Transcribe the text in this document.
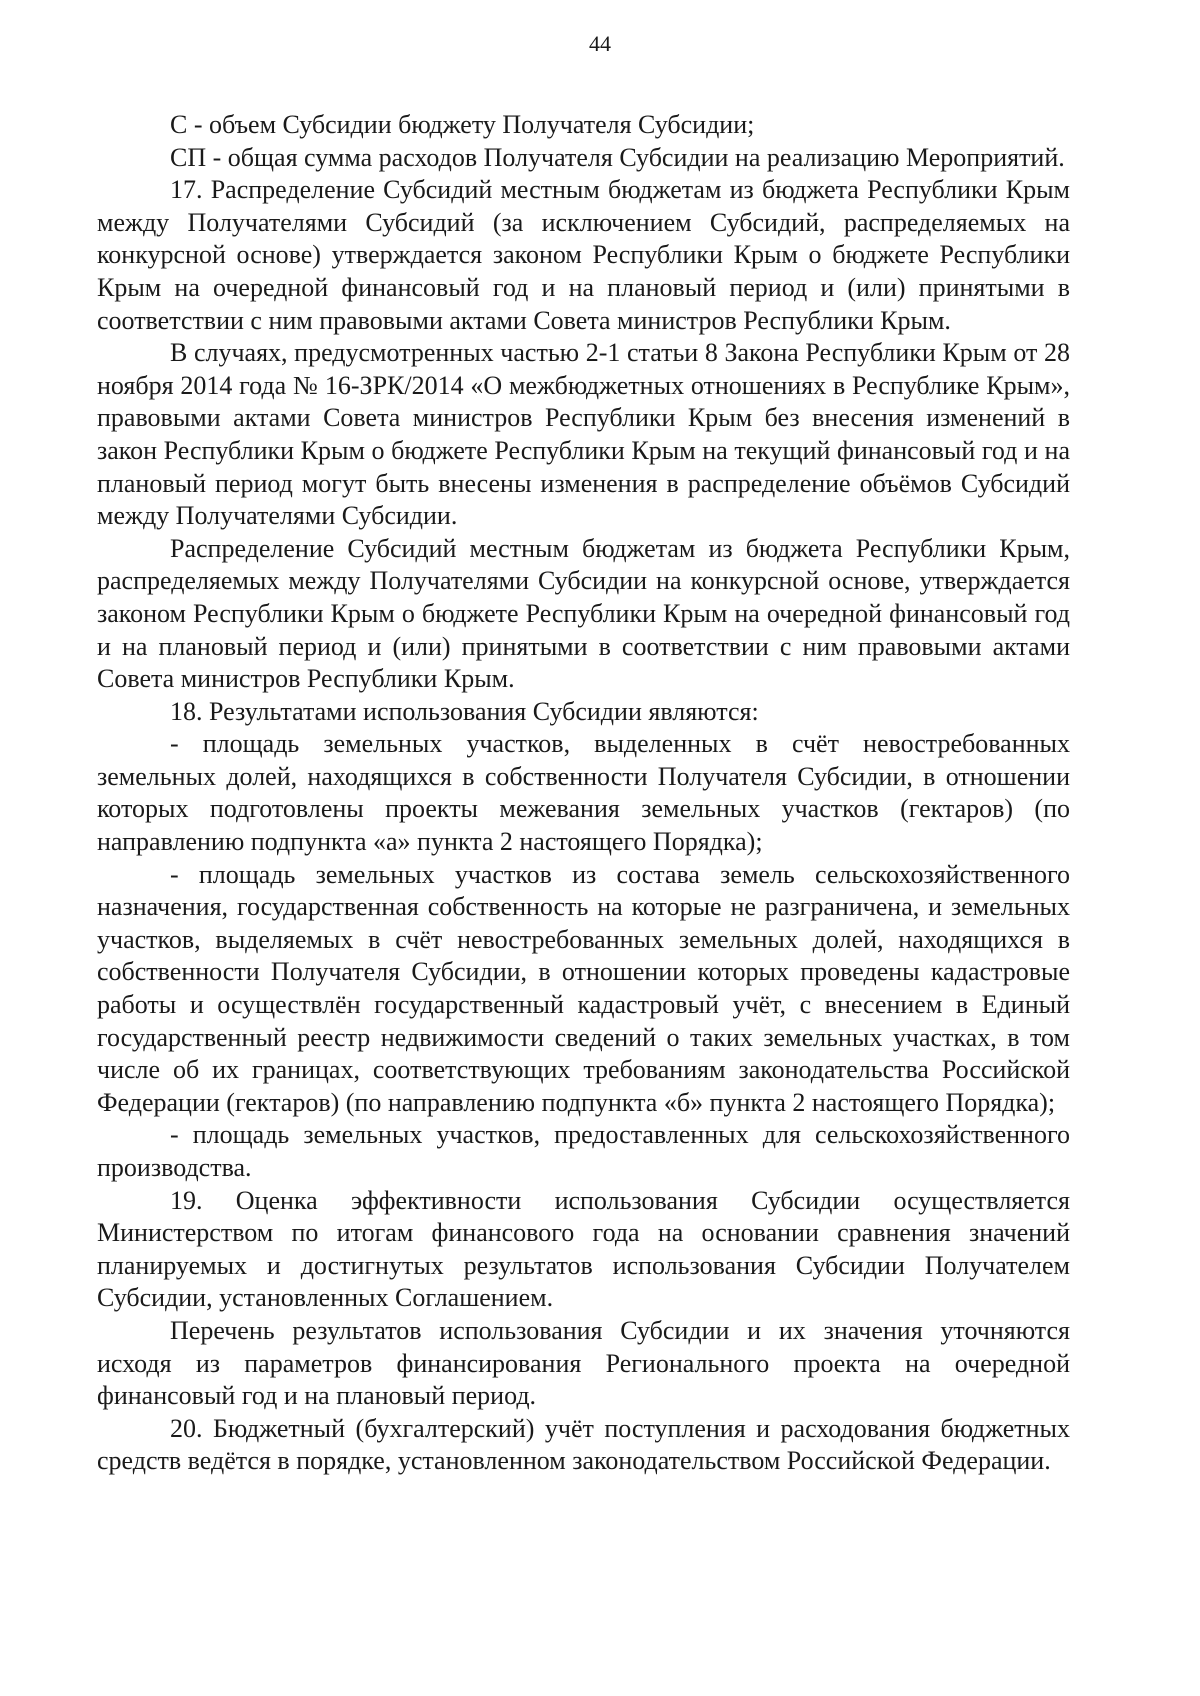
44

С - объем Субсидии бюджету Получателя Субсидии;

СП - общая сумма расходов Получателя Субсидии на реализацию Мероприятий.

17. Распределение Субсидий местным бюджетам из бюджета Республики Крым между Получателями Субсидий (за исключением Субсидий, распределяемых на конкурсной основе) утверждается законом Республики Крым о бюджете Республики Крым на очередной финансовый год и на плановый период и (или) принятыми в соответствии с ним правовыми актами Совета министров Республики Крым.

В случаях, предусмотренных частью 2-1 статьи 8 Закона Республики Крым от 28 ноября 2014 года № 16-ЗРК/2014 «О межбюджетных отношениях в Республике Крым», правовыми актами Совета министров Республики Крым без внесения изменений в закон Республики Крым о бюджете Республики Крым на текущий финансовый год и на плановый период могут быть внесены изменения в распределение объёмов Субсидий между Получателями Субсидии.

Распределение Субсидий местным бюджетам из бюджета Республики Крым, распределяемых между Получателями Субсидии на конкурсной основе, утверждается законом Республики Крым о бюджете Республики Крым на очередной финансовый год и на плановый период и (или) принятыми в соответствии с ним правовыми актами Совета министров Республики Крым.

18. Результатами использования Субсидии являются:

- площадь земельных участков, выделенных в счёт невостребованных земельных долей, находящихся в собственности Получателя Субсидии, в отношении которых подготовлены проекты межевания земельных участков (гектаров) (по направлению подпункта «а» пункта 2 настоящего Порядка);

- площадь земельных участков из состава земель сельскохозяйственного назначения, государственная собственность на которые не разграничена, и земельных участков, выделяемых в счёт невостребованных земельных долей, находящихся в собственности Получателя Субсидии, в отношении которых проведены кадастровые работы и осуществлён государственный кадастровый учёт, с внесением в Единый государственный реестр недвижимости сведений о таких земельных участках, в том числе об их границах, соответствующих требованиям законодательства Российской Федерации (гектаров) (по направлению подпункта «б» пункта 2 настоящего Порядка);

- площадь земельных участков, предоставленных для сельскохозяйственного производства.

19. Оценка эффективности использования Субсидии осуществляется Министерством по итогам финансового года на основании сравнения значений планируемых и достигнутых результатов использования Субсидии Получателем Субсидии, установленных Соглашением.

Перечень результатов использования Субсидии и их значения уточняются исходя из параметров финансирования Регионального проекта на очередной финансовый год и на плановый период.

20. Бюджетный (бухгалтерский) учёт поступления и расходования бюджетных средств ведётся в порядке, установленном законодательством Российской Федерации.
